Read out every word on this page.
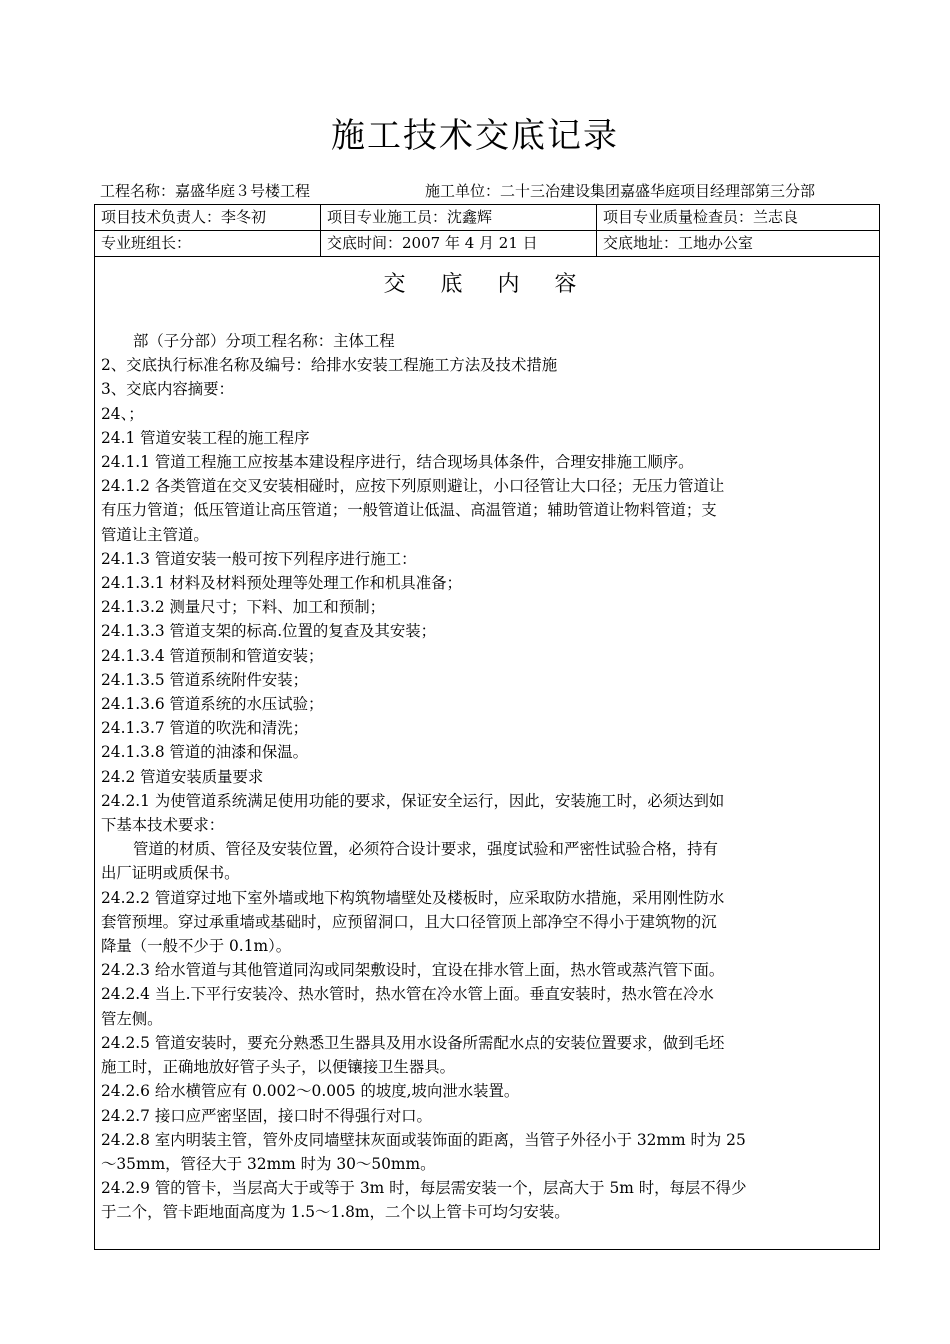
施工技术交底记录
工程名称：嘉盛华庭３号楼工程	施工单位：二十三冶建设集团嘉盛华庭项目经理部第三分部
项目技术负责人：李冬初	项目专业施工员：沈鑫辉	项目专业质量检查员：兰志良
专业班组长：	交底时间：2007 年 4 月 21 日	交底地址：工地办公室
交 底 内 容

部（子分部）分项工程名称：主体工程

2、交底执行标准名称及编号：给排水安装工程施工方法及技术措施

3、交底内容摘要：

24、；

24.1 管道安装工程的施工程序

24.1.1 管道工程施工应按基本建设程序进行，结合现场具体条件，合理安排施工顺序。

24.1.2 各类管道在交叉安装相碰时，应按下列原则避让，小口径管让大口径；无压力管道让

有压力管道；低压管道让高压管道；一般管道让低温、高温管道；辅助管道让物料管道；支

管道让主管道。

24.1.3 管道安装一般可按下列程序进行施工：

24.1.3.1 材料及材料预处理等处理工作和机具准备；

24.1.3.2 测量尺寸；下料、加工和预制；

24.1.3.3 管道支架的标高.位置的复查及其安装；

24.1.3.4 管道预制和管道安装；

24.1.3.5 管道系统附件安装；

24.1.3.6 管道系统的水压试验；

24.1.3.7 管道的吹洗和清洗；

24.1.3.8 管道的油漆和保温。

24.2 管道安装质量要求

24.2.1 为使管道系统满足使用功能的要求，保证安全运行，因此，安装施工时，必须达到如

下基本技术要求：

管道的材质、管径及安装位置，必须符合设计要求，强度试验和严密性试验合格，持有

出厂证明或质保书。

24.2.2 管道穿过地下室外墙或地下构筑物墙壁处及楼板时，应采取防水措施，采用刚性防水

套管预埋。穿过承重墙或基础时，应预留洞口，且大口径管顶上部净空不得小于建筑物的沉

降量（一般不少于 0.1m）。

24.2.3 给水管道与其他管道同沟或同架敷设时，宜设在排水管上面，热水管或蒸汽管下面。

24.2.4 当上.下平行安装冷、热水管时，热水管在冷水管上面。垂直安装时，热水管在冷水

管左侧。

24.2.5 管道安装时，要充分熟悉卫生器具及用水设备所需配水点的安装位置要求，做到毛坯

施工时，正确地放好管子头子，以便镶接卫生器具。

24.2.6 给水横管应有 0.002～0.005 的坡度,坡向泄水装置。

24.2.7 接口应严密坚固，接口时不得强行对口。

24.2.8 室内明装主管，管外皮同墙壁抹灰面或装饰面的距离，当管子外径小于 32mm 时为 25

～35mm，管径大于 32mm 时为 30～50mm。

24.2.9 管的管卡，当层高大于或等于 3m 时，每层需安装一个，层高大于 5m 时，每层不得少

于二个，管卡距地面高度为 1.5～1.8m，二个以上管卡可均匀安装。
